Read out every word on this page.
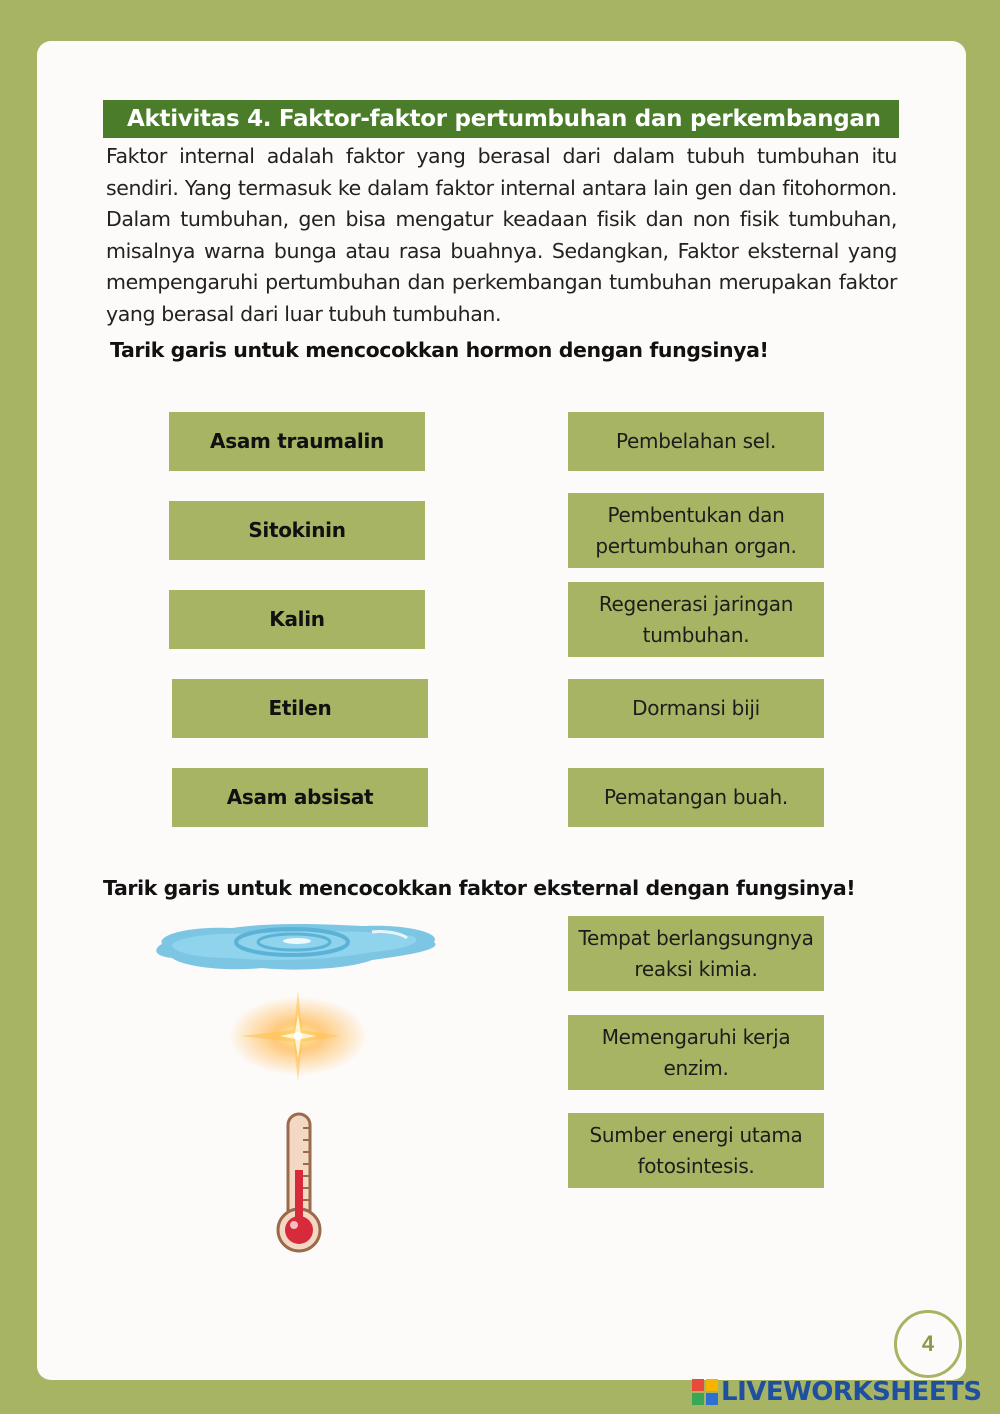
Aktivitas 4. Faktor-faktor pertumbuhan dan perkembangan

Faktor internal adalah faktor yang berasal dari dalam tubuh tumbuhan itu sendiri. Yang termasuk ke dalam faktor internal antara lain gen dan fitohormon. Dalam tumbuhan, gen bisa mengatur keadaan fisik dan non fisik tumbuhan, misalnya warna bunga atau rasa buahnya. Sedangkan, Faktor eksternal yang mempengaruhi pertumbuhan dan perkembangan tumbuhan merupakan faktor yang berasal dari luar tubuh tumbuhan.

Tarik garis untuk mencocokkan hormon dengan fungsinya!
Asam traumalin
Sitokinin
Kalin
Etilen
Asam absisat
Pembelahan sel.
Pembentukan dan pertumbuhan organ.
Regenerasi jaringan tumbuhan.
Dormansi biji
Pematangan buah.
Tarik garis untuk mencocokkan faktor eksternal dengan fungsinya!
Tempat berlangsungnya reaksi kimia.
Memengaruhi kerja enzim.
Sumber energi utama fotosintesis.
4
LIVEWORKSHEETS
